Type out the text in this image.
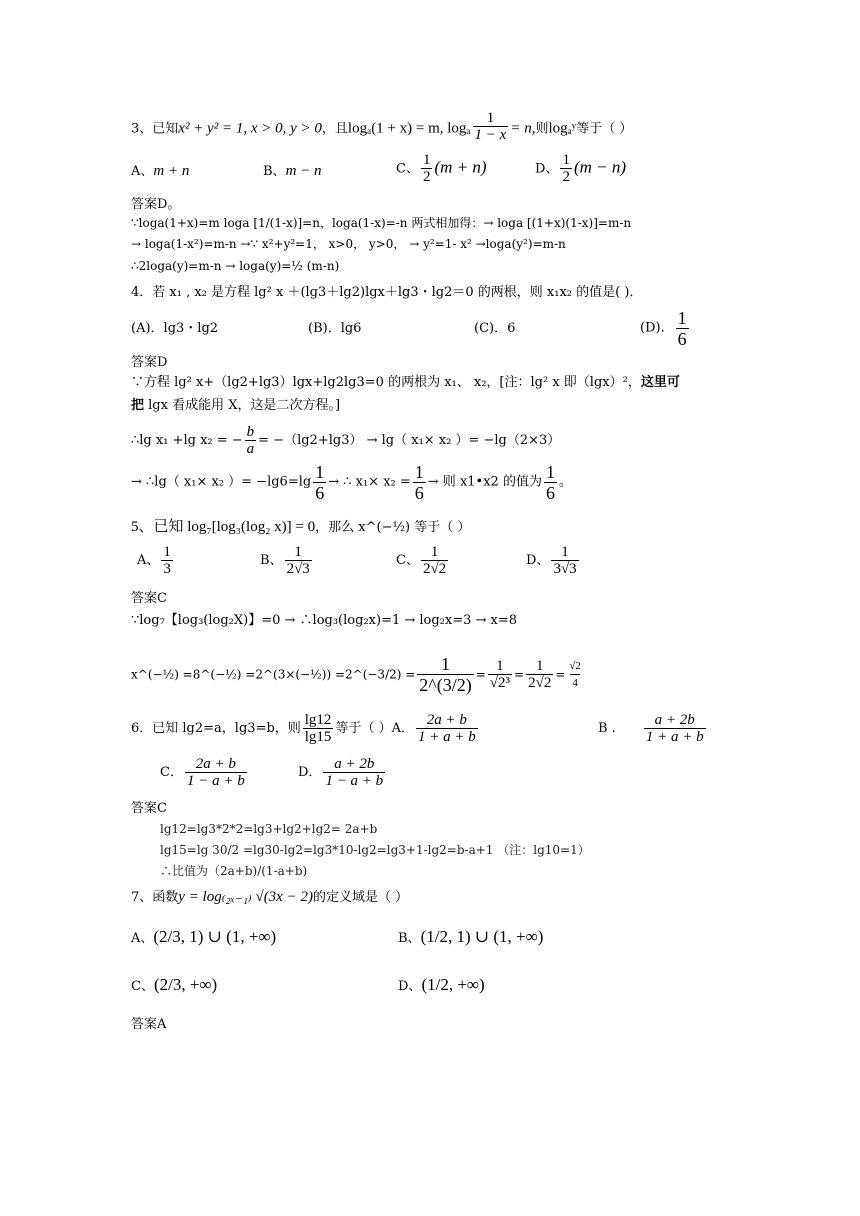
3、已知x² + y² = 1, x > 0, y > 0，且logₐ(1 + x) = m, logₐ $\frac{1}{1 - x} = n$,则logₐʸ等于（ ）
A、m + n	B、m − n	C、 $\frac{1}{2} (m + n)$	D、 $\frac{1}{2} (m - n)$
答案D。
∵loga(1+x)=m loga [1/(1-x)]=n，loga(1-x)=-n 两式相加得：→ loga [(1+x)(1-x)]=m-n
→ loga(1-x²)=m-n →∵ x²+y²=1， x>0， y>0， → y²=1- x² →loga(y²)=m-n
∴2loga(y)=m-n → loga(y)=½ (m-n)
4．若 x₁ , x₂ 是方程 lg² x ＋(lg3＋lg2)lgx＋lg3・lg2＝0 的两根，则 x₁x₂ 的值是( )．
(A)．lg3・lg2	(B)．lg6	(C)．6	(D)． $\frac{1}{6}$
答案D
∵方程 lg² x+（lg2+lg3）lgx+lg2lg3=0 的两根为 x₁、 x₂，[注：lg² x 即（lgx）²，这里可
把 lgx 看成能用 X，这是二次方程。]
∴lg x₁ +lg x₂ = − $\frac{b}{a} = -(\lg 2+\lg 3) \to \lg$（ x₁× x₂ ）= −lg（2×3）
→ ∴lg（ x₁× x₂ ）= $-\lg 6=\lg \frac{1}{6}$ → ∴ $x_1\times x_2 = \frac{1}{6}$ → 则 x1•x2 的值为 $\frac{1}{6}$ 。
5、已知 log₇[log₃(log₂ x)] = 0，那么 x^(−½) 等于（ ）
A、 $\frac{1}{3}$	B、 $\frac{1}{2√3}$	C、 $\frac{1}{2√2}$	D、 $\frac{1}{3√3}$
答案C
∵log₇【log₃(log₂X)】=0 → ∴log₃(log₂x)=1 → log₂x=3 → x=8
x^(−½) =8^(−½) =2^(3×(−½)) =2^(−3/2) = $\frac{1}{2\^{}(3/2)} = \frac{1}{\text{√2³}} = \frac{1}{2√2} = \frac{√2}{4}$
6．已知 lg2=a，lg3=b，则 $\frac{\lg 12}{\lg 15}$ 等于（ ）A． $\frac{2a + b}{1 + a + b}$	B . $\frac{a + 2b}{1 + a + b}$
C． $\frac{2a + b}{1 - a + b}$	D． $\frac{a + 2b}{1 - a + b}$
答案C
lg12=lg3*2*2=lg3+lg2+lg2= 2a+b
lg15=lg 30/2 =lg30-lg2=lg3*10-lg2=lg3+1-lg2=b-a+1 （注：lg10=1）
∴比值为（2a+b)/(1-a+b)
7、函数y = log₍₂ₓ₋₁₎ √(3x − 2)的定义域是（ ）
A、(2/3, 1) ∪ (1, +∞)	B、(1/2, 1) ∪ (1, +∞)
C、(2/3, +∞)	D、(1/2, +∞)
答案A
